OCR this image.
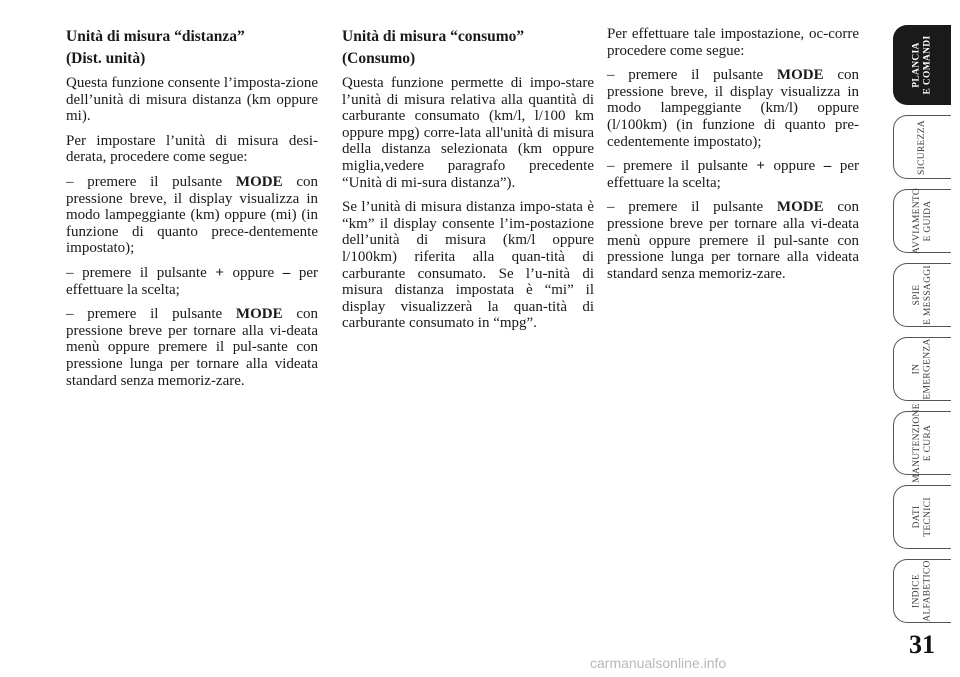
Unità di misura “distanza”
(Dist. unità)

Questa funzione consente l’imposta-zione dell’unità di misura distanza (km oppure mi).

Per impostare l’unità di misura desi-derata, procedere come segue:

– premere il pulsante MODE con pressione breve, il display visualizza in modo lampeggiante (km) oppure (mi) (in funzione di quanto prece-dentemente impostato);

– premere il pulsante + oppure – per effettuare la scelta;

– premere il pulsante MODE con pressione breve per tornare alla vi-deata menù oppure premere il pul-sante con pressione lunga per tornare alla videata standard senza memoriz-zare.

Unità di misura “consumo”
(Consumo)

Questa funzione permette di impo-stare l’unità di misura relativa alla quantità di carburante consumato (km/l, l/100 km oppure mpg) corre-lata all'unità di misura della distanza selezionata (km oppure miglia,vedere paragrafo precedente “Unità di mi-sura distanza”).

Se l’unità di misura distanza impo-stata è “km” il display consente l’im-postazione dell’unità di misura (km/l oppure l/100km) riferita alla quan-tità di carburante consumato. Se l’u-nità di misura distanza impostata è “mi” il display visualizzerà la quan-tità di carburante consumato in “mpg”.

Per effettuare tale impostazione, oc-corre procedere come segue:

– premere il pulsante MODE con pressione breve, il display visualizza in modo lampeggiante (km/l) oppure (l/100km) (in funzione di quanto pre-cedentemente impostato);

– premere il pulsante + oppure – per effettuare la scelta;

– premere il pulsante MODE con pressione breve per tornare alla vi-deata menù oppure premere il pul-sante con pressione lunga per tornare alla videata standard senza memoriz-zare.

PLANCIA
E COMANDI
SICUREZZA
AVVIAMENTO
E GUIDA
SPIE
E MESSAGGI
IN
EMERGENZA
MANUTENZIONE
E CURA
DATI
TECNICI
INDICE
ALFABETICO
31
carmanualsonline.info
